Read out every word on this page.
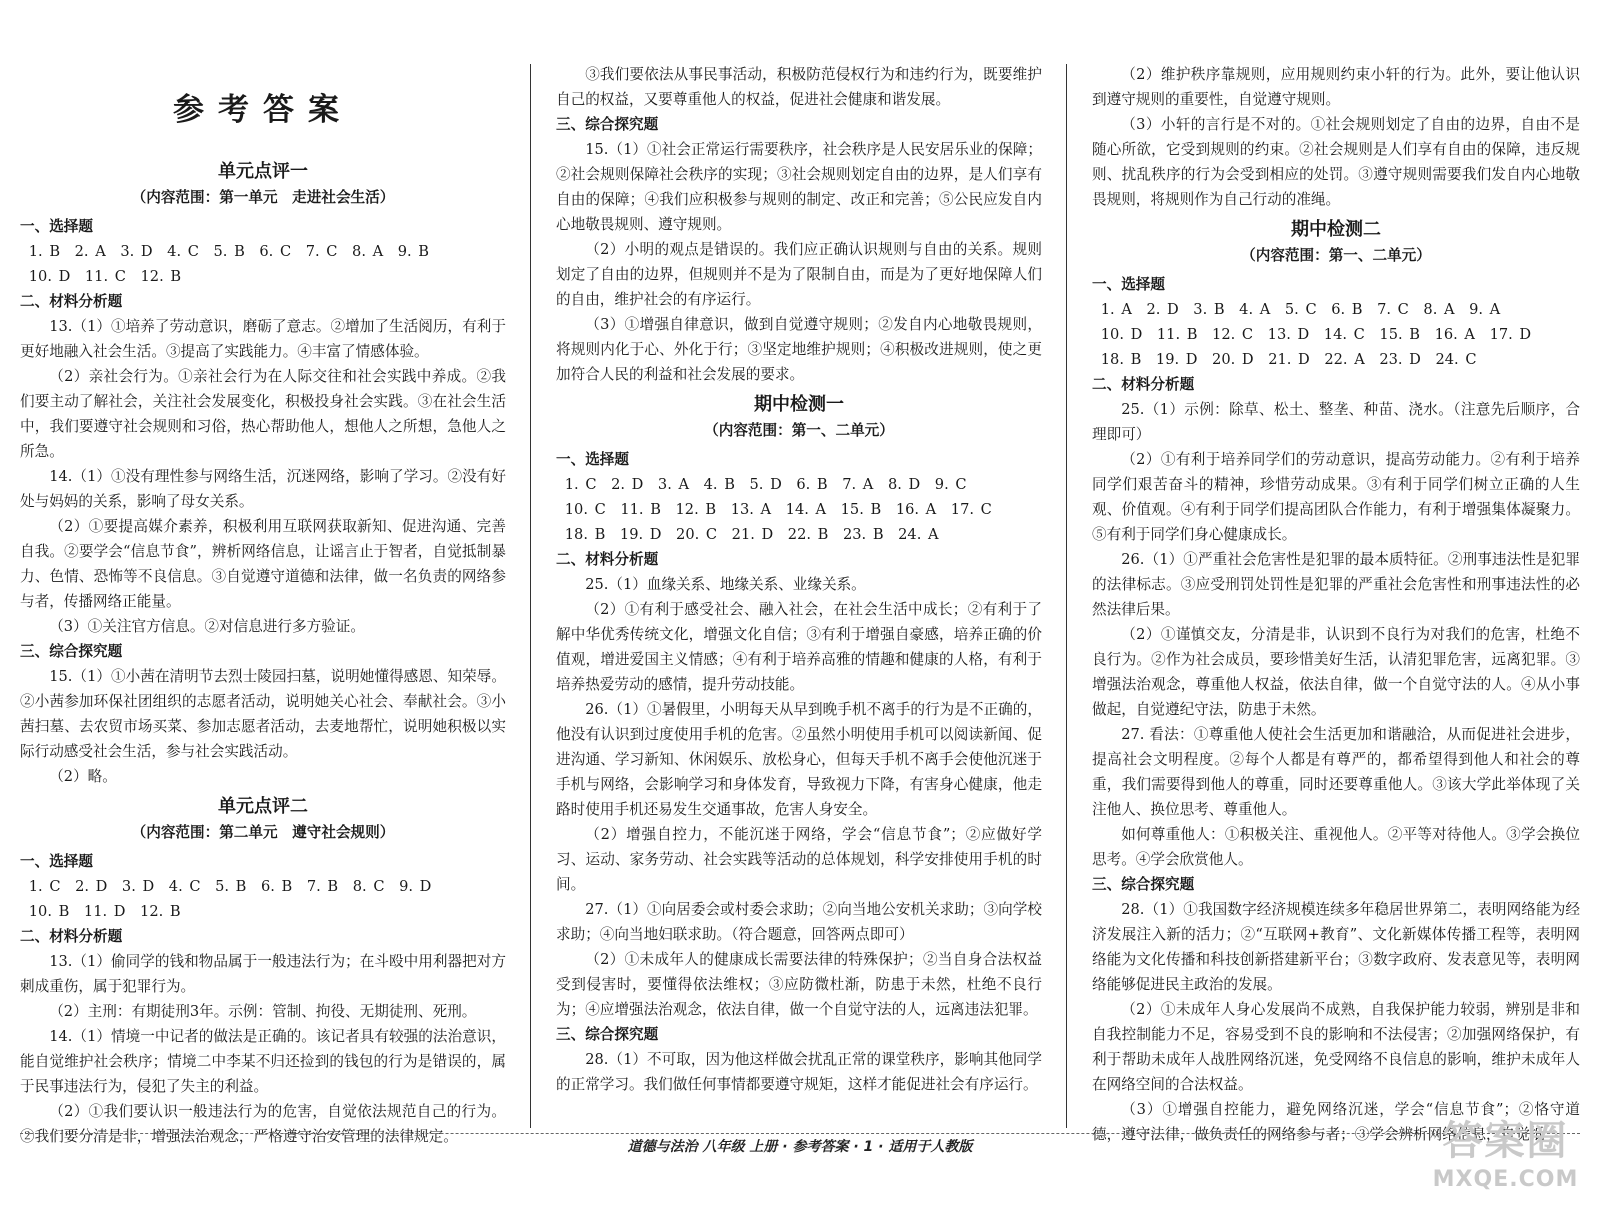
参考答案
单元点评一
（内容范围：第一单元　走进社会生活）
一、选择题
1. B　2. A　3. D　4. C　5. B　6. C　7. C　8. A　9. B
10. D　11. C　12. B
二、材料分析题
13.（1）①培养了劳动意识，磨砺了意志。②增加了生活阅历，有利于更好地融入社会生活。③提高了实践能力。④丰富了情感体验。
（2）亲社会行为。①亲社会行为在人际交往和社会实践中养成。②我们要主动了解社会，关注社会发展变化，积极投身社会实践。③在社会生活中，我们要遵守社会规则和习俗，热心帮助他人，想他人之所想，急他人之所急。
14.（1）①没有理性参与网络生活，沉迷网络，影响了学习。②没有好处与妈妈的关系，影响了母女关系。
（2）①要提高媒介素养，积极利用互联网获取新知、促进沟通、完善自我。②要学会“信息节食”，辨析网络信息，让谣言止于智者，自觉抵制暴力、色情、恐怖等不良信息。③自觉遵守道德和法律，做一名负责的网络参与者，传播网络正能量。
（3）①关注官方信息。②对信息进行多方验证。
三、综合探究题
15.（1）①小茜在清明节去烈士陵园扫墓，说明她懂得感恩、知荣辱。②小茜参加环保社团组织的志愿者活动，说明她关心社会、奉献社会。③小茜扫墓、去农贸市场买菜、参加志愿者活动，去麦地帮忙，说明她积极以实际行动感受社会生活，参与社会实践活动。
（2）略。
单元点评二
（内容范围：第二单元　遵守社会规则）
一、选择题
1. C　2. D　3. D　4. C　5. B　6. B　7. B　8. C　9. D
10. B　11. D　12. B
二、材料分析题
13.（1）偷同学的钱和物品属于一般违法行为；在斗殴中用利器把对方刺成重伤，属于犯罪行为。
（2）主刑：有期徒刑3年。示例：管制、拘役、无期徒刑、死刑。
14.（1）情境一中记者的做法是正确的。该记者具有较强的法治意识，能自觉维护社会秩序；情境二中李某不归还捡到的钱包的行为是错误的，属于民事违法行为，侵犯了失主的利益。
（2）①我们要认识一般违法行为的危害，自觉依法规范自己的行为。②我们要分清是非，增强法治观念，严格遵守治安管理的法律规定。
③我们要依法从事民事活动，积极防范侵权行为和违约行为，既要维护自己的权益，又要尊重他人的权益，促进社会健康和谐发展。
三、综合探究题
15.（1）①社会正常运行需要秩序，社会秩序是人民安居乐业的保障；②社会规则保障社会秩序的实现；③社会规则划定自由的边界，是人们享有自由的保障；④我们应积极参与规则的制定、改正和完善；⑤公民应发自内心地敬畏规则、遵守规则。
（2）小明的观点是错误的。我们应正确认识规则与自由的关系。规则划定了自由的边界，但规则并不是为了限制自由，而是为了更好地保障人们的自由，维护社会的有序运行。
（3）①增强自律意识，做到自觉遵守规则；②发自内心地敬畏规则，将规则内化于心、外化于行；③坚定地维护规则；④积极改进规则，使之更加符合人民的利益和社会发展的要求。
期中检测一
（内容范围：第一、二单元）
一、选择题
1. C　2. D　3. A　4. B　5. D　6. B　7. A　8. D　9. C
10. C　11. B　12. B　13. A　14. A　15. B　16. A　17. C
18. B　19. D　20. C　21. D　22. B　23. B　24. A
二、材料分析题
25.（1）血缘关系、地缘关系、业缘关系。
（2）①有利于感受社会、融入社会，在社会生活中成长；②有利于了解中华优秀传统文化，增强文化自信；③有利于增强自豪感，培养正确的价值观，增进爱国主义情感；④有利于培养高雅的情趣和健康的人格，有利于培养热爱劳动的感情，提升劳动技能。
26.（1）①暑假里，小明每天从早到晚手机不离手的行为是不正确的，他没有认识到过度使用手机的危害。②虽然小明使用手机可以阅读新闻、促进沟通、学习新知、休闲娱乐、放松身心，但每天手机不离手会使他沉迷于手机与网络，会影响学习和身体发育，导致视力下降，有害身心健康，他走路时使用手机还易发生交通事故，危害人身安全。
（2）增强自控力，不能沉迷于网络，学会“信息节食”；②应做好学习、运动、家务劳动、社会实践等活动的总体规划，科学安排使用手机的时间。
27.（1）①向居委会或村委会求助；②向当地公安机关求助；③向学校求助；④向当地妇联求助。（符合题意，回答两点即可）
（2）①未成年人的健康成长需要法律的特殊保护；②当自身合法权益受到侵害时，要懂得依法维权；③应防微杜渐，防患于未然，杜绝不良行为；④应增强法治观念，依法自律，做一个自觉守法的人，远离违法犯罪。
三、综合探究题
28.（1）不可取，因为他这样做会扰乱正常的课堂秩序，影响其他同学的正常学习。我们做任何事情都要遵守规矩，这样才能促进社会有序运行。
（2）维护秩序靠规则，应用规则约束小轩的行为。此外，要让他认识到遵守规则的重要性，自觉遵守规则。
（3）小轩的言行是不对的。①社会规则划定了自由的边界，自由不是随心所欲，它受到规则的约束。②社会规则是人们享有自由的保障，违反规则、扰乱秩序的行为会受到相应的处罚。③遵守规则需要我们发自内心地敬畏规则，将规则作为自己行动的准绳。
期中检测二
（内容范围：第一、二单元）
一、选择题
1. A　2. D　3. B　4. A　5. C　6. B　7. C　8. A　9. A
10. D　11. B　12. C　13. D　14. C　15. B　16. A　17. D
18. B　19. D　20. D　21. D　22. A　23. D　24. C
二、材料分析题
25.（1）示例：除草、松土、整垄、种苗、浇水。（注意先后顺序，合理即可）
（2）①有利于培养同学们的劳动意识，提高劳动能力。②有利于培养同学们艰苦奋斗的精神，珍惜劳动成果。③有利于同学们树立正确的人生观、价值观。④有利于同学们提高团队合作能力，有利于增强集体凝聚力。⑤有利于同学们身心健康成长。
26.（1）①严重社会危害性是犯罪的最本质特征。②刑事违法性是犯罪的法律标志。③应受刑罚处罚性是犯罪的严重社会危害性和刑事违法性的必然法律后果。
（2）①谨慎交友，分清是非，认识到不良行为对我们的危害，杜绝不良行为。②作为社会成员，要珍惜美好生活，认清犯罪危害，远离犯罪。③增强法治观念，尊重他人权益，依法自律，做一个自觉守法的人。④从小事做起，自觉遵纪守法，防患于未然。
27. 看法：①尊重他人使社会生活更加和谐融洽，从而促进社会进步，提高社会文明程度。②每个人都是有尊严的，都希望得到他人和社会的尊重，我们需要得到他人的尊重，同时还要尊重他人。③该大学此举体现了关注他人、换位思考、尊重他人。
如何尊重他人：①积极关注、重视他人。②平等对待他人。③学会换位思考。④学会欣赏他人。
三、综合探究题
28.（1）①我国数字经济规模连续多年稳居世界第二，表明网络能为经济发展注入新的活力；②“互联网+教育”、文化新媒体传播工程等，表明网络能为文化传播和科技创新搭建新平台；③数字政府、发表意见等，表明网络能够促进民主政治的发展。
（2）①未成年人身心发展尚不成熟，自我保护能力较弱，辨别是非和自我控制能力不足，容易受到不良的影响和不法侵害；②加强网络保护，有利于帮助未成年人战胜网络沉迷，免受网络不良信息的影响，维护未成年人在网络空间的合法权益。
（3）①增强自控能力，避免网络沉迷，学会“信息节食”；②恪守道德，遵守法律，做负责任的网络参与者；③学会辨析网络信息，自觉抵
道德与法治 八年级 上册 · 参考答案 · 1 · 适用于人教版	答案圈
MXQE.COM
